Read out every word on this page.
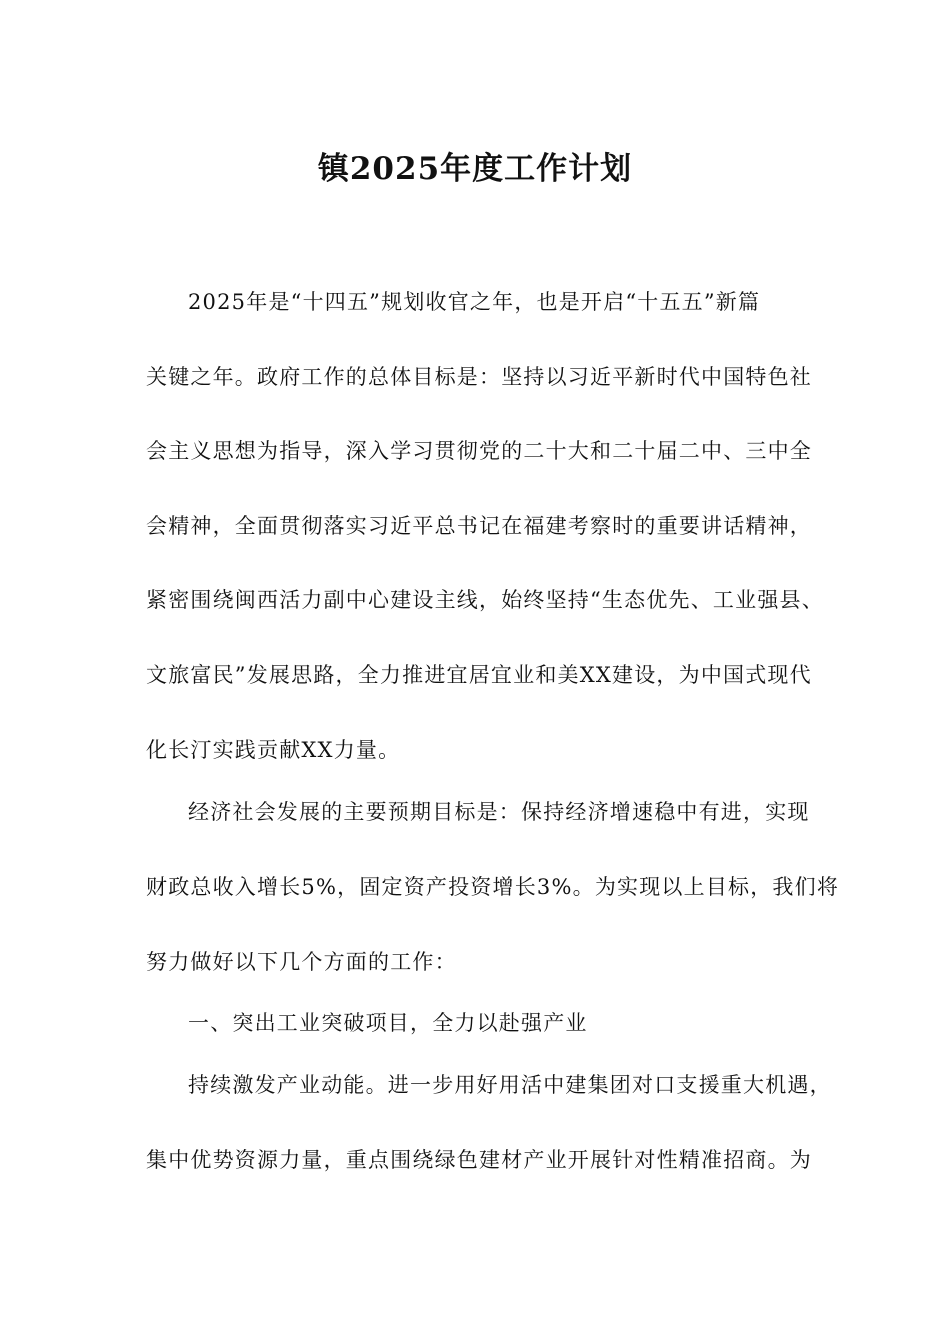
镇2025年度工作计划

2025年是“十四五”规划收官之年，也是开启“十五五”新篇

关键之年。政府工作的总体目标是：坚持以习近平新时代中国特色社

会主义思想为指导，深入学习贯彻党的二十大和二十届二中、三中全

会精神，全面贯彻落实习近平总书记在福建考察时的重要讲话精神，

紧密围绕闽西活力副中心建设主线，始终坚持“生态优先、工业强县、

文旅富民”发展思路，全力推进宜居宜业和美XX建设，为中国式现代

化长汀实践贡献XX力量。

经济社会发展的主要预期目标是：保持经济增速稳中有进，实现

财政总收入增长5%，固定资产投资增长3%。为实现以上目标，我们将

努力做好以下几个方面的工作：

一、突出工业突破项目，全力以赴强产业

持续激发产业动能。进一步用好用活中建集团对口支援重大机遇，

集中优势资源力量，重点围绕绿色建材产业开展针对性精准招商。为
